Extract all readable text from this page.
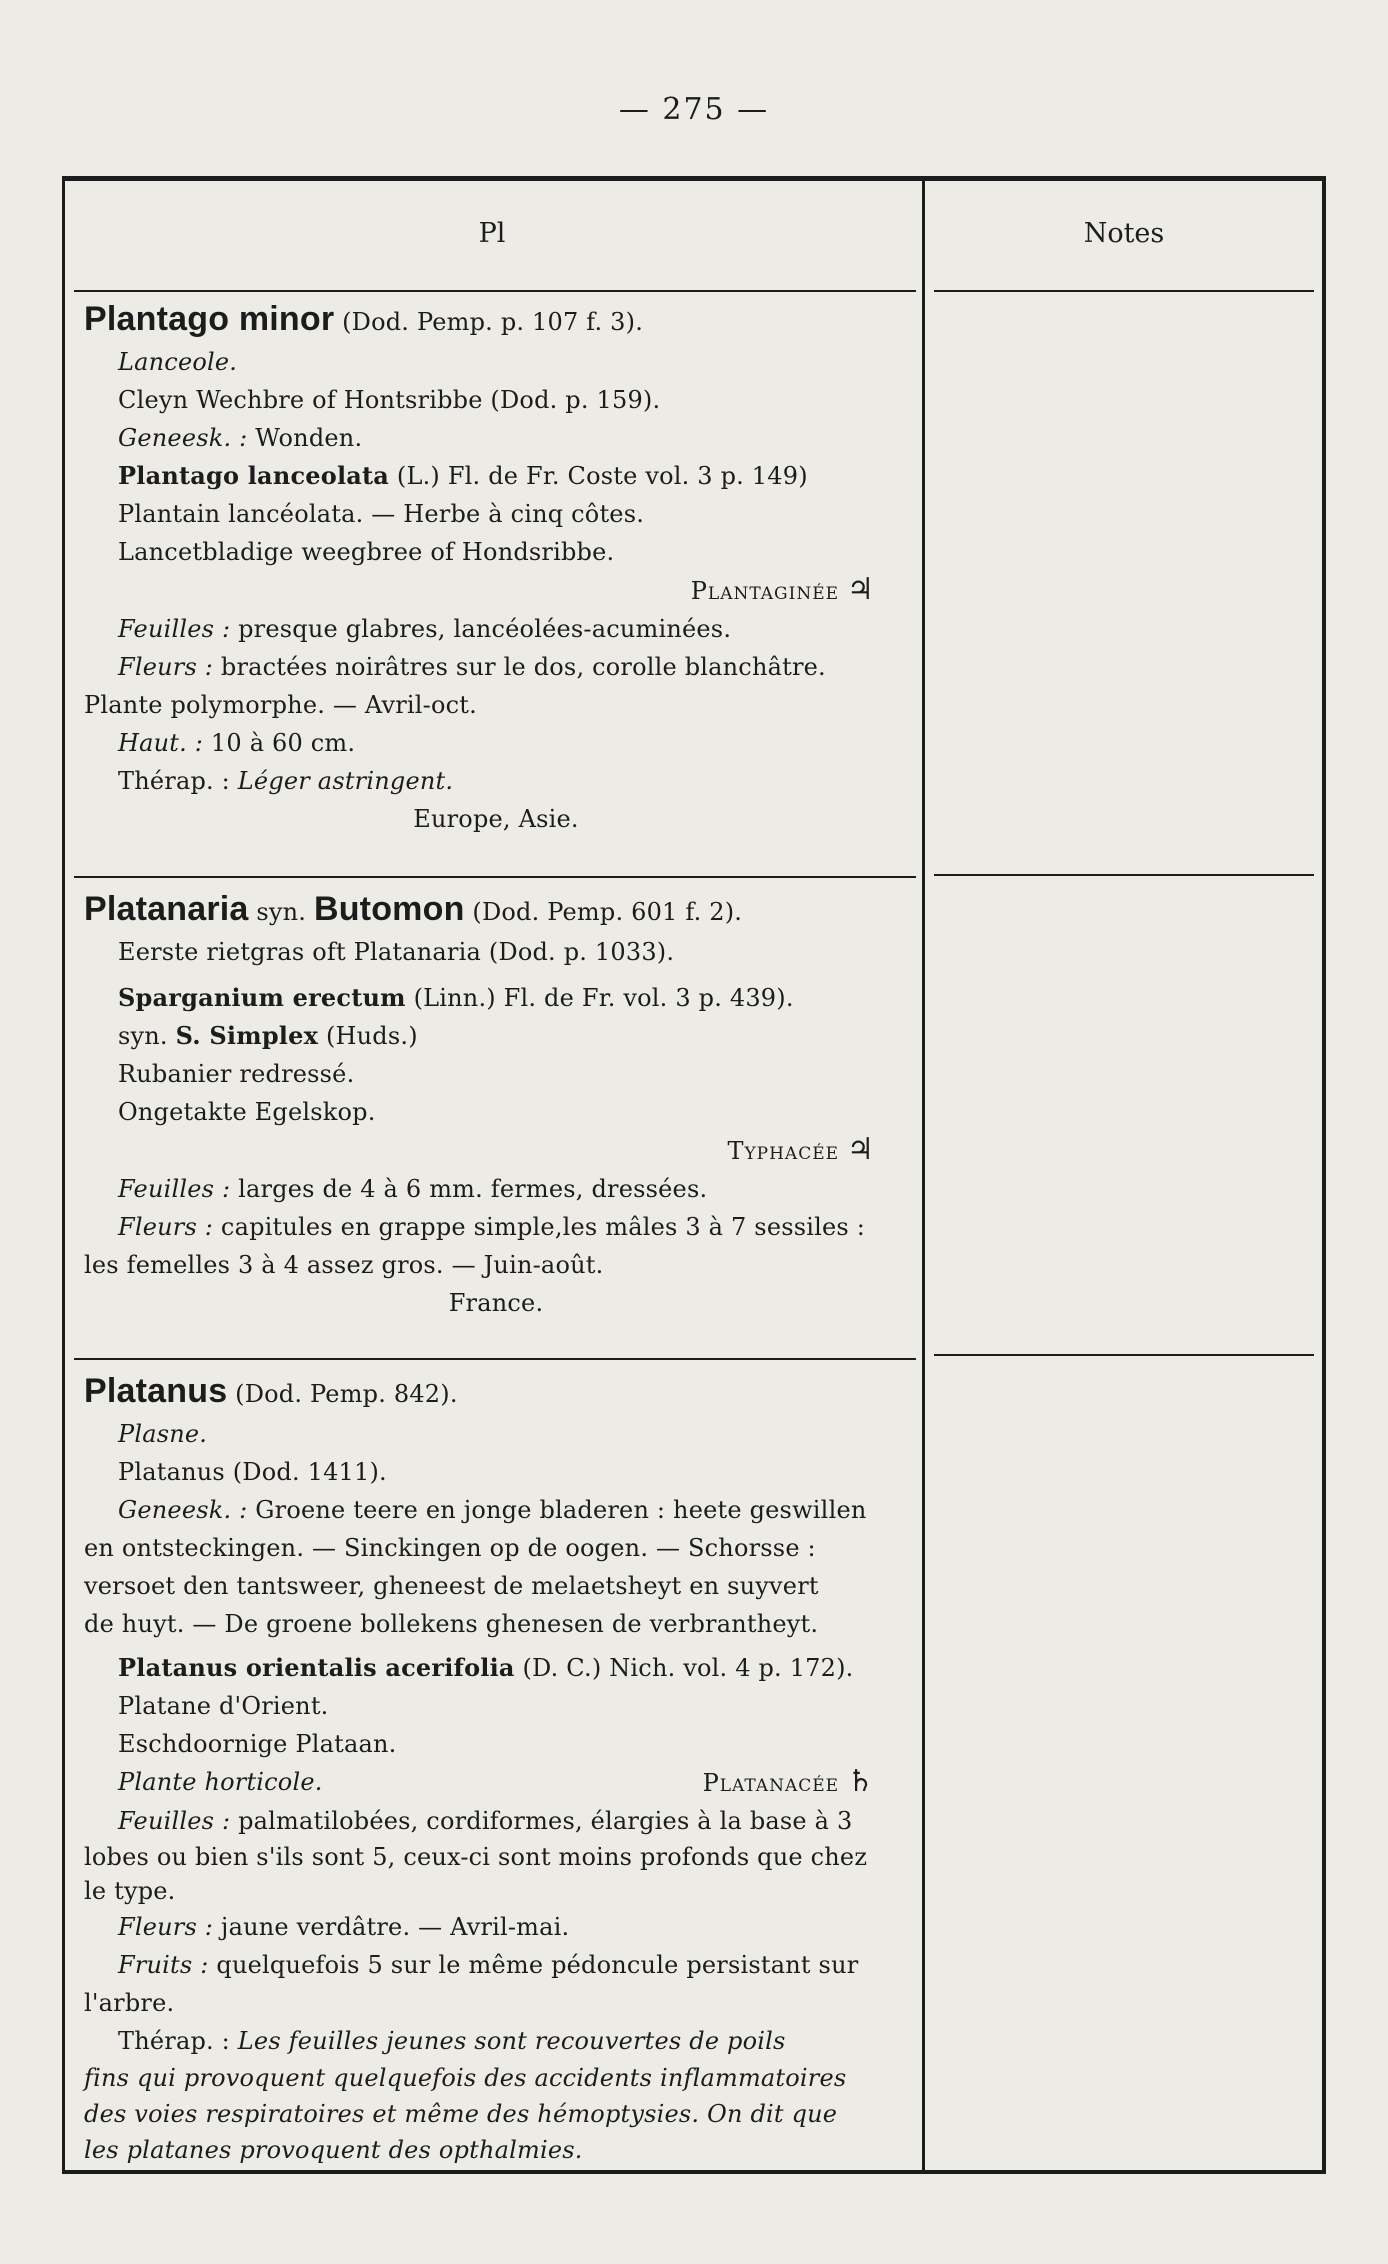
— 275 —
Pl	Notes

Plantago minor (Dod. Pemp. p. 107 f. 3).

Lanceole.

Cleyn Wechbre of Hontsribbe (Dod. p. 159).

Geneesk. : Wonden.

Plantago lanceolata (L.) Fl. de Fr. Coste vol. 3 p. 149)

Plantain lancéolata. — Herbe à cinq côtes.

Lancetbladige weegbree of Hondsribbe.

Plantaginée ♃

Feuilles : presque glabres, lancéolées-acuminées.

Fleurs : bractées noirâtres sur le dos, corolle blanchâtre.

Plante polymorphe. — Avril-oct.

Haut. : 10 à 60 cm.

Thérap. : Léger astringent.

Europe, Asie.

Platanaria syn. Butomon (Dod. Pemp. 601 f. 2).

Eerste rietgras oft Platanaria (Dod. p. 1033).

Sparganium erectum (Linn.) Fl. de Fr. vol. 3 p. 439).

syn. S. Simplex (Huds.)

Rubanier redressé.

Ongetakte Egelskop.

Typhacée ♃

Feuilles : larges de 4 à 6 mm. fermes, dressées.

Fleurs : capitules en grappe simple,les mâles 3 à 7 sessiles :

les femelles 3 à 4 assez gros. — Juin-août.

France.

Platanus (Dod. Pemp. 842).

Plasne.

Platanus (Dod. 1411).

Geneesk. : Groene teere en jonge bladeren : heete geswillen

en ontsteckingen. — Sinckingen op de oogen. — Schorsse :

versoet den tantsweer, gheneest de melaetsheyt en suyvert

de huyt. — De groene bollekens ghenesen de verbrantheyt.

Platanus orientalis acerifolia (D. C.) Nich. vol. 4 p. 172).

Platane d'Orient.

Eschdoornige Plataan.

Plante horticole.	Platanacée ♄

Feuilles : palmatilobées, cordiformes, élargies à la base à 3

lobes ou bien s'ils sont 5, ceux-ci sont moins profonds que chez

le type.

Fleurs : jaune verdâtre. — Avril-mai.

Fruits : quelquefois 5 sur le même pédoncule persistant sur

l'arbre.

Thérap. : Les feuilles jeunes sont recouvertes de poils

fins qui provoquent quelquefois des accidents inflammatoires

des voies respiratoires et même des hémoptysies. On dit que

les platanes provoquent des opthalmies.
